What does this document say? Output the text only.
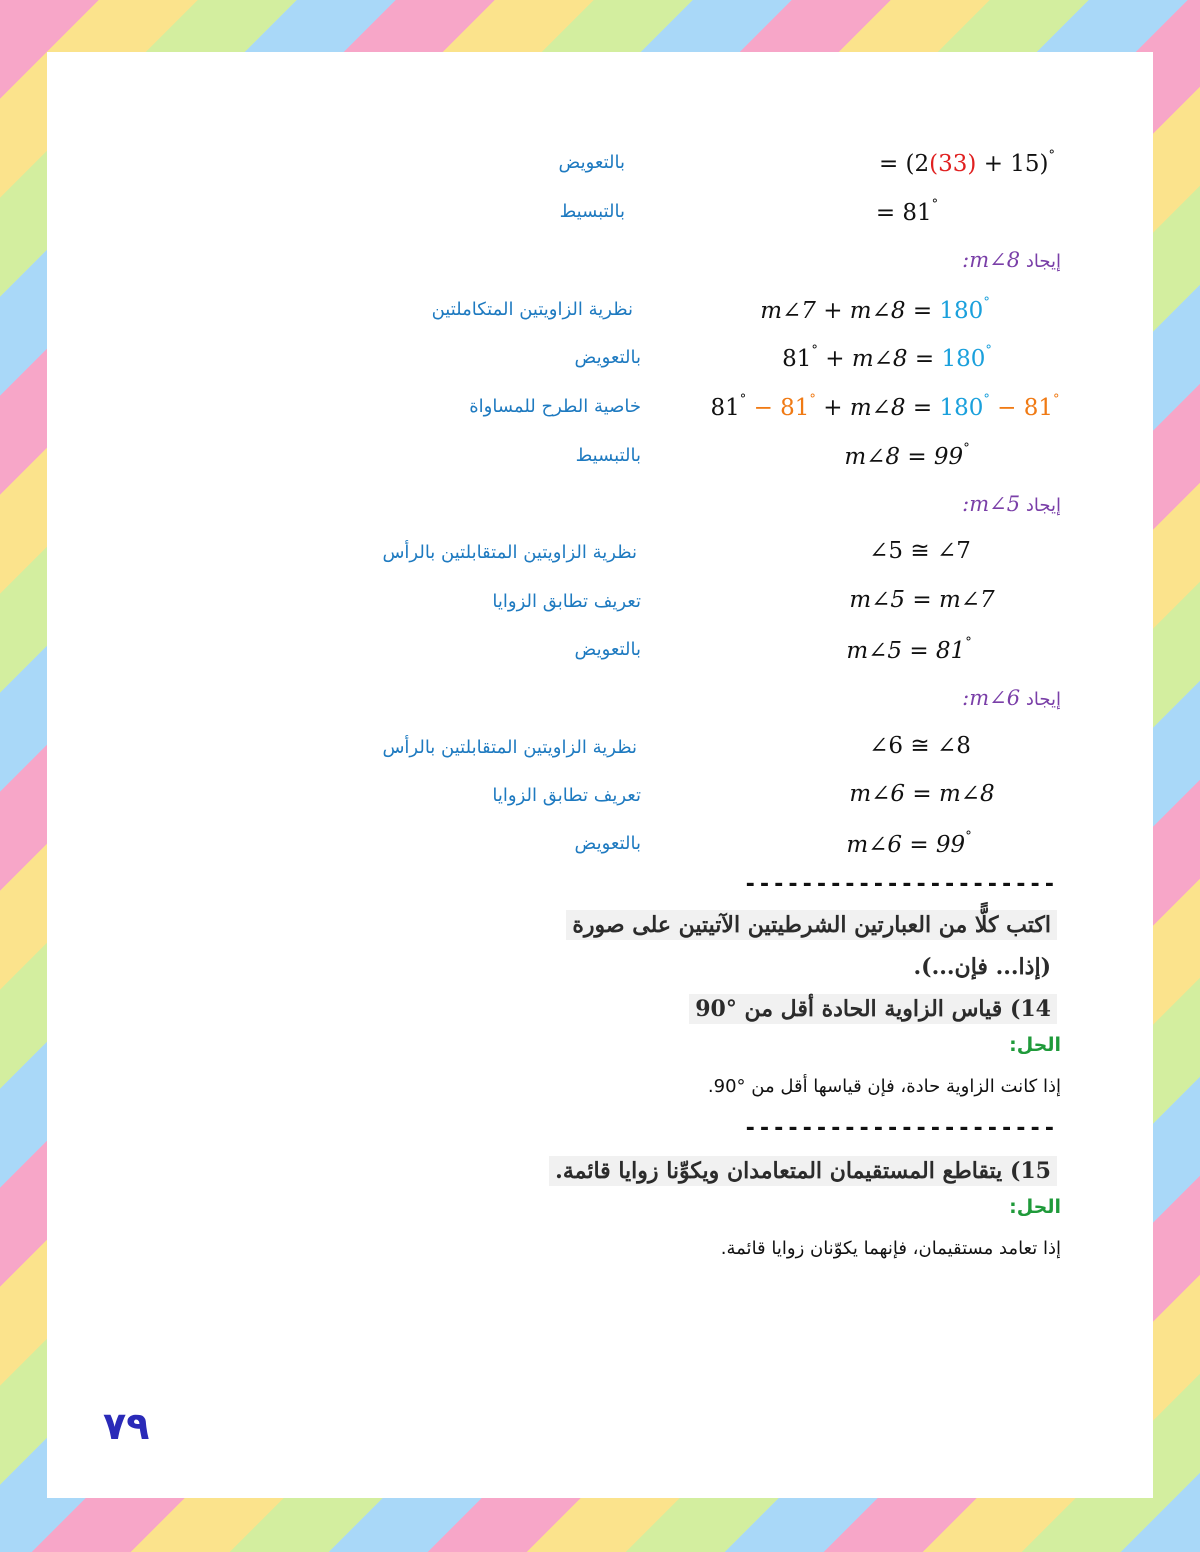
= (2(33) + 15)°
بالتعويض
= 81°
بالتبسيط
إيجاد m∠8:
m∠7 + m∠8 = 180°
نظرية الزاويتين المتكاملتين
81° + m∠8 = 180°
بالتعويض
81° − 81° + m∠8 = 180° − 81°
خاصية الطرح للمساواة
m∠8 = 99°
بالتبسيط
إيجاد m∠5:
∠5 ≅ ∠7
نظرية الزاويتين المتقابلتين بالرأس
m∠5 = m∠7
تعريف تطابق الزوايا
m∠5 = 81°
بالتعويض
إيجاد m∠6:
∠6 ≅ ∠8
نظرية الزاويتين المتقابلتين بالرأس
m∠6 = m∠8
تعريف تطابق الزوايا
m∠6 = 99°
بالتعويض
----------------------
اكتب كلًّا من العبارتين الشرطيتين الآتيتين على صورة
(إذا... فإن...).
14) قياس الزاوية الحادة أقل من °90
الحل:
إذا كانت الزاوية حادة، فإن قياسها أقل من °90.
----------------------
15) يتقاطع المستقيمان المتعامدان ويكوِّنا زوايا قائمة.
الحل:
إذا تعامد مستقيمان، فإنهما يكوّنان زوايا قائمة.
٧٩
